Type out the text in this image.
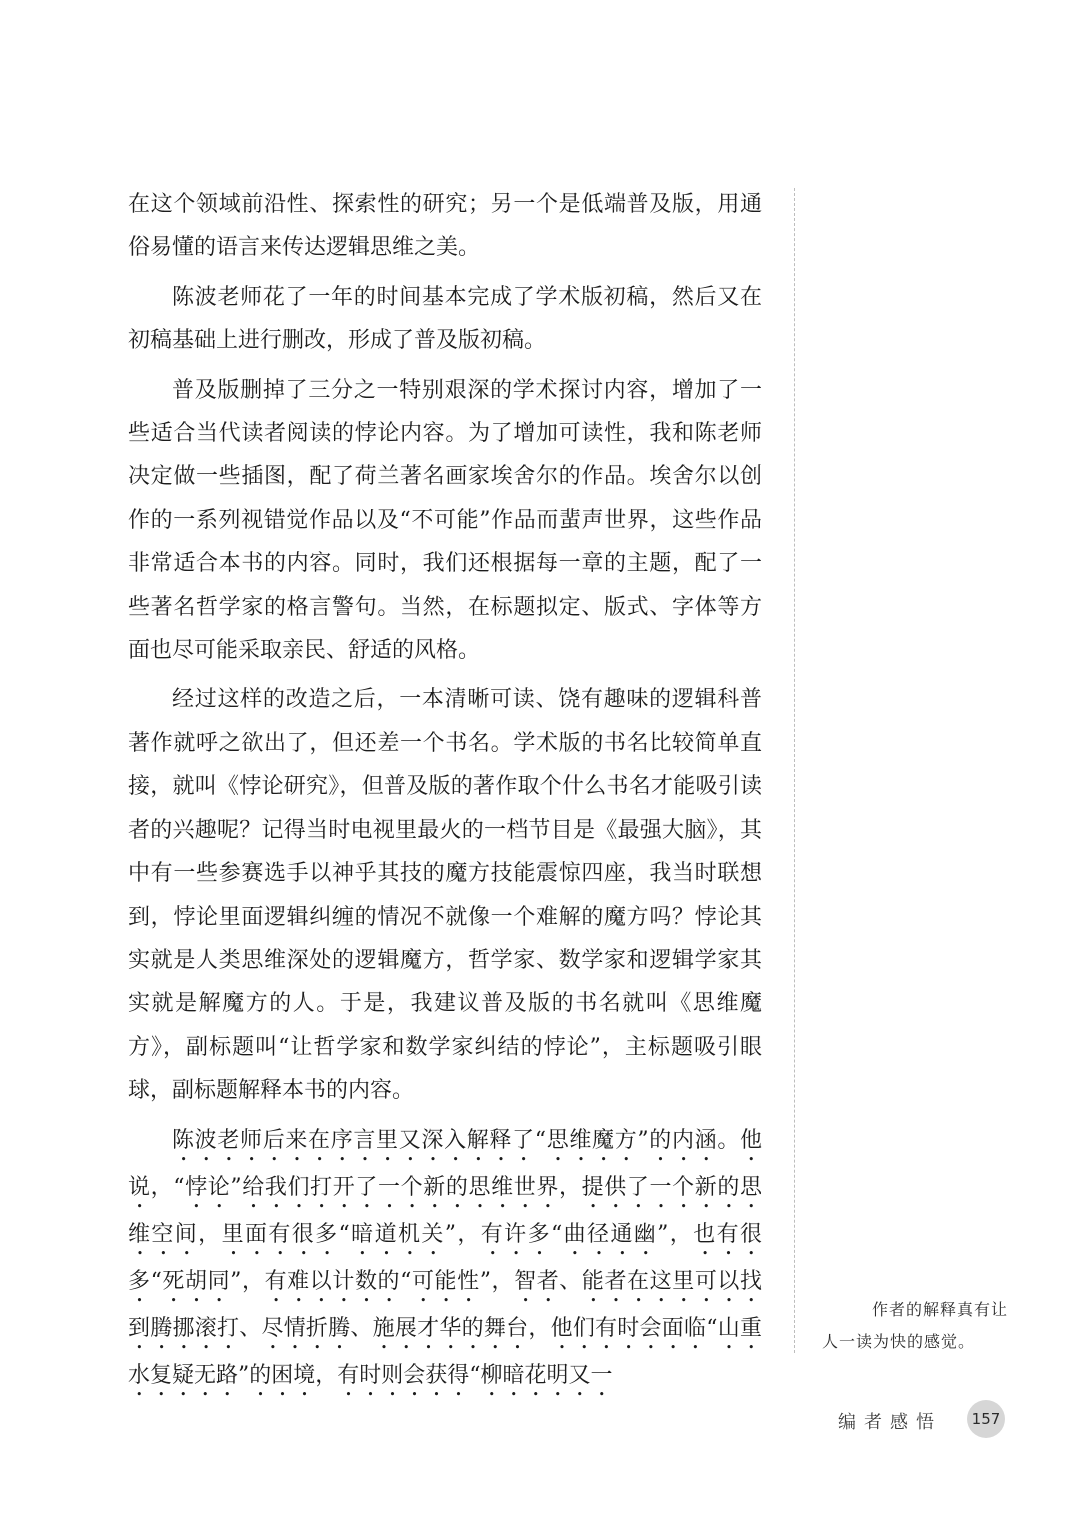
在这个领域前沿性、探索性的研究；另一个是低端普及版，用通俗易懂的语言来传达逻辑思维之美。

陈波老师花了一年的时间基本完成了学术版初稿，然后又在初稿基础上进行删改，形成了普及版初稿。

普及版删掉了三分之一特别艰深的学术探讨内容，增加了一些适合当代读者阅读的悖论内容。为了增加可读性，我和陈老师决定做一些插图，配了荷兰著名画家埃舍尔的作品。埃舍尔以创作的一系列视错觉作品以及“不可能”作品而蜚声世界，这些作品非常适合本书的内容。同时，我们还根据每一章的主题，配了一些著名哲学家的格言警句。当然，在标题拟定、版式、字体等方面也尽可能采取亲民、舒适的风格。

经过这样的改造之后，一本清晰可读、饶有趣味的逻辑科普著作就呼之欲出了，但还差一个书名。学术版的书名比较简单直接，就叫《悖论研究》，但普及版的著作取个什么书名才能吸引读者的兴趣呢？记得当时电视里最火的一档节目是《最强大脑》，其中有一些参赛选手以神乎其技的魔方技能震惊四座，我当时联想到，悖论里面逻辑纠缠的情况不就像一个难解的魔方吗？悖论其实就是人类思维深处的逻辑魔方，哲学家、数学家和逻辑学家其实就是解魔方的人。于是，我建议普及版的书名就叫《思维魔方》，副标题叫“让哲学家和数学家纠结的悖论”，主标题吸引眼球，副标题解释本书的内容。

陈波老师后来在序言里又深入解释了“思维魔方”的内涵。他说，“悖论”给我们打开了一个新的思维世界，提供了一个新的思维空间，里面有很多“暗道机关”，有许多“曲径通幽”，也有很多“死胡同”，有难以计数的“可能性”，智者、能者在这里可以找到腾挪滚打、尽情折腾、施展才华的舞台，他们有时会面临“山重水复疑无路”的困境，有时则会获得“柳暗花明又一

作者的解释真有让
人一读为快的感觉。
编者感悟	157
